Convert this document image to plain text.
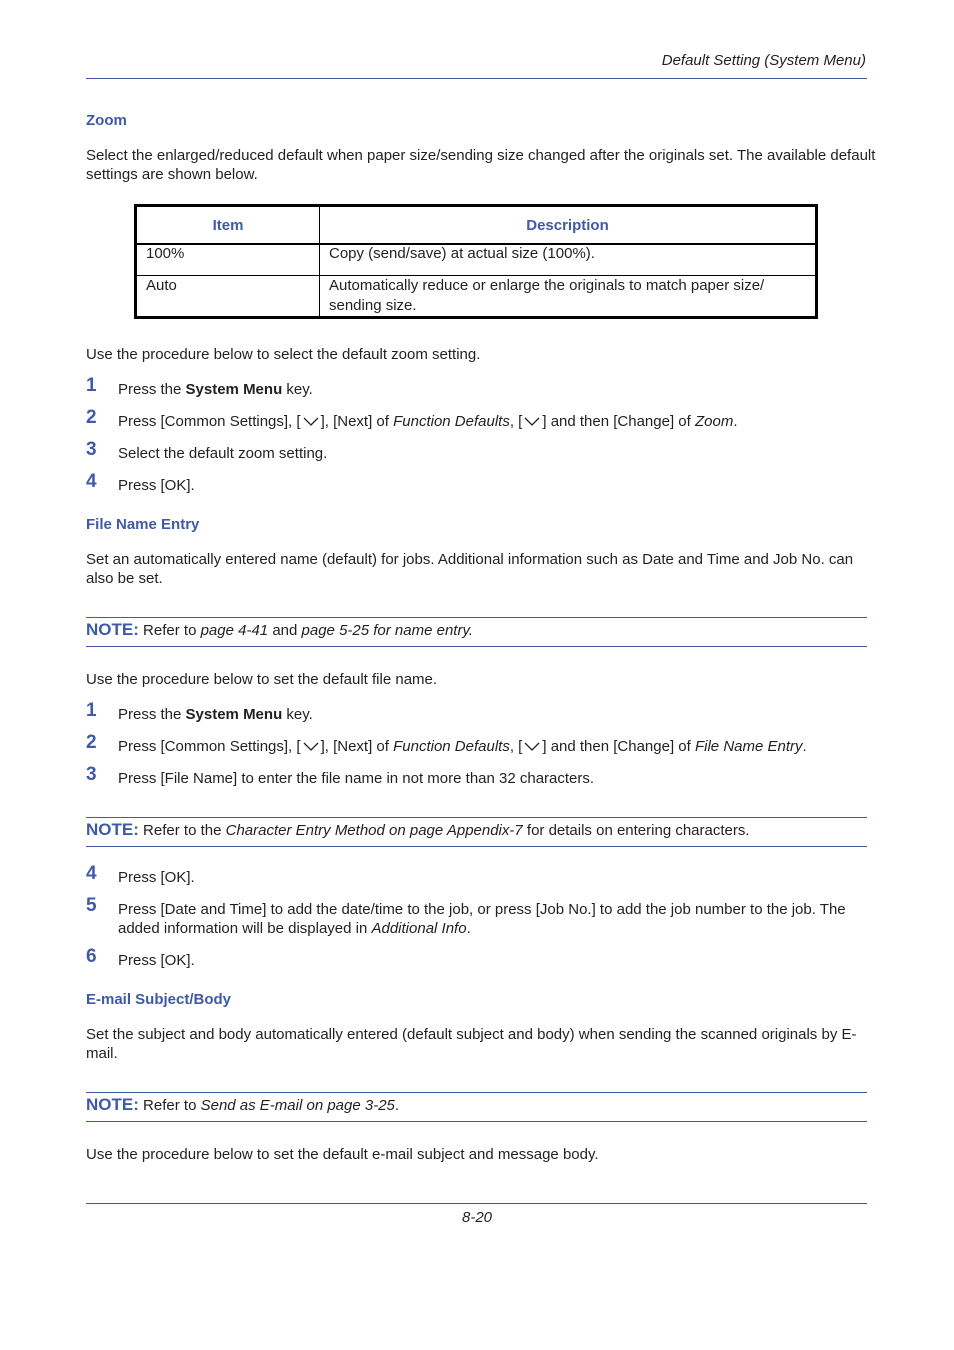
Default Setting (System Menu)
Zoom
Select the enlarged/reduced default when paper size/sending size changed after the originals set. The available default settings are shown below.
Item	Description
100%	Copy (send/save) at actual size (100%).
Auto	Automatically reduce or enlarge the originals to match paper size/ sending size.
Use the procedure below to select the default zoom setting.
1 Press the System Menu key.
2 Press [Common Settings], [ ], [Next] of Function Defaults, [ ] and then [Change] of Zoom.
3 Select the default zoom setting.
4 Press [OK].
File Name Entry
Set an automatically entered name (default) for jobs. Additional information such as Date and Time and Job No. can also be set.
NOTE: Refer to page 4-41 and page 5-25 for name entry.
Use the procedure below to set the default file name.
1 Press the System Menu key.
2 Press [Common Settings], [ ], [Next] of Function Defaults, [ ] and then [Change] of File Name Entry.
3 Press [File Name] to enter the file name in not more than 32 characters.
NOTE: Refer to the Character Entry Method on page Appendix-7 for details on entering characters.
4 Press [OK].
5 Press [Date and Time] to add the date/time to the job, or press [Job No.] to add the job number to the job. The added information will be displayed in Additional Info.
6 Press [OK].
E-mail Subject/Body
Set the subject and body automatically entered (default subject and body) when sending the scanned originals by E-mail.
NOTE: Refer to Send as E-mail on page 3-25.
Use the procedure below to set the default e-mail subject and message body.
8-20
